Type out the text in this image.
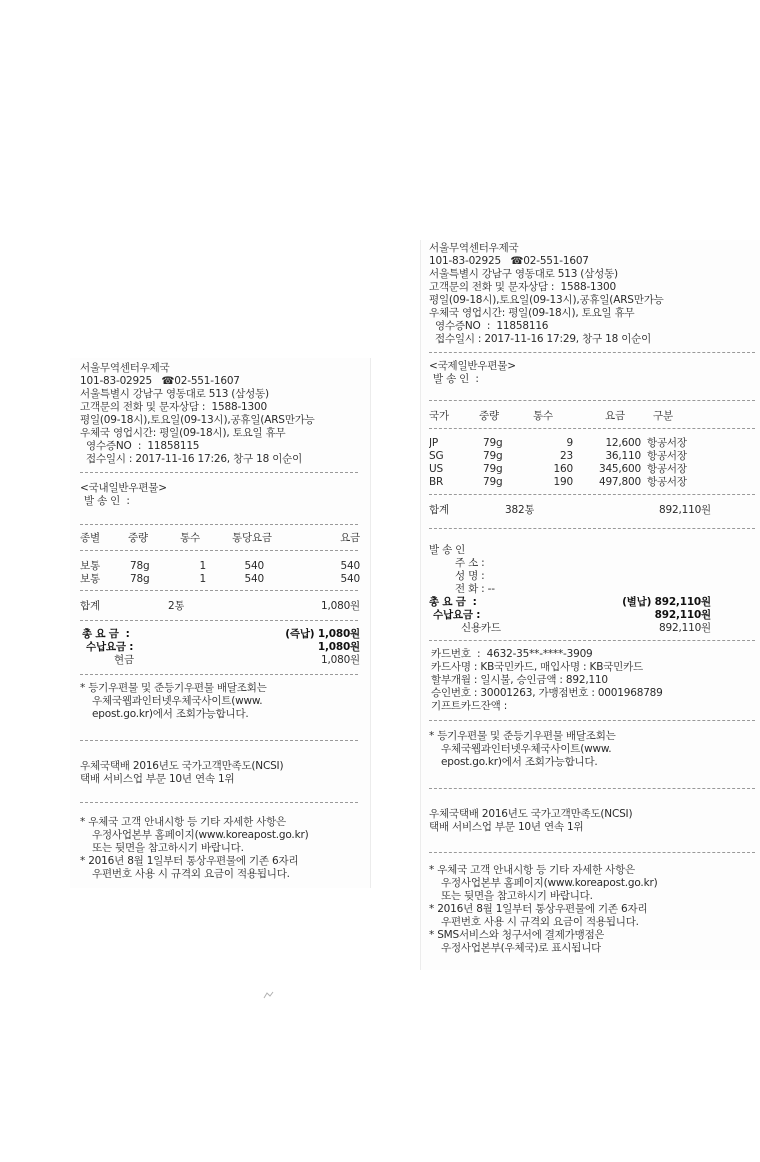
서울무역센터우제국
101-83-02925   ☎02-551-1607
서울특별시 강남구 영동대로 513 (삼성동)
고객문의 전화 및 문자상담 :  1588-1300
평일(09-18시),토요일(09-13시),공휴일(ARS만가능
우체국 영업시간: 평일(09-18시), 토요일 휴무
영수증NO  :  11858115
접수일시 : 2017-11-16 17:26, 창구 18 이순이
<국내일반우편물>
발 송 인  :
종별	중량	통수	통당요금	요금
보통	78g	1	540	540
보통	78g	1	540	540
합계	2통	1,080원
총 요 금  :	(즉납) 1,080원
수납요금 :	1,080원
현금	1,080원
* 등기우편물 및 준등기우편물 배달조회는
우체국웹과인터넷우체국사이트(www.
epost.go.kr)에서 조회가능합니다.
우체국택배 2016년도 국가고객만족도(NCSI)
택배 서비스업 부문 10년 연속 1위
* 우체국 고객 안내시항 등 기타 자세한 사항은
우정사업본부 홈페이지(www.koreapost.go.kr)
또는 뒷면을 참고하시기 바랍니다.
* 2016년 8월 1일부터 통상우편물에 기존 6자리
우편번호 사용 시 규격외 요금이 적용됩니다.
서울무역센터우제국
101-83-02925   ☎02-551-1607
서울특별시 강남구 영동대로 513 (삼성동)
고객문의 전화 및 문자상담 :  1588-1300
평일(09-18시),토요일(09-13시),공휴일(ARS만가능
우체국 영업시간: 평일(09-18시), 토요일 휴무
영수증NO  :  11858116
접수일시 : 2017-11-16 17:29, 창구 18 이순이
<국제일반우편물>
발 송 인  :
국가	중량	통수	요금	구분
JP	79g	9	12,600 항공서장
SG	79g	23	36,110 항공서장
US	79g	160	345,600 항공서장
BR	79g	190	497,800 항공서장
합계	382통	892,110원
발 송 인
주 소 :
성 명 :
전 화 : --
총 요 금  :	(별납) 892,110원
수납요금 :	892,110원
신용카드	892,110원
카드번호  :  4632-35**-****-3909
카드사명 : KB국민카드, 매입사명 : KB국민카드
할부개월 : 일시불, 승인금액 : 892,110
승인번호 : 30001263, 가맹점번호 : 0001968789
기프트카드잔액 :
* 등기우편물 및 준등기우편물 배달조회는
우체국웹과인터넷우체국사이트(www.
epost.go.kr)에서 조회가능합니다.
우체국택배 2016년도 국가고객만족도(NCSI)
택배 서비스업 부문 10년 연속 1위
* 우체국 고객 안내시항 등 기타 자세한 사항은
우정사업본부 홈페이지(www.koreapost.go.kr)
또는 뒷면을 참고하시기 바랍니다.
* 2016년 8월 1일부터 통상우편물에 기존 6자리
우편번호 사용 시 규격외 요금이 적용됩니다.
* SMS서비스와 청구서에 결제가맹점은
우정사업본부(우체국)로 표시됩니다
